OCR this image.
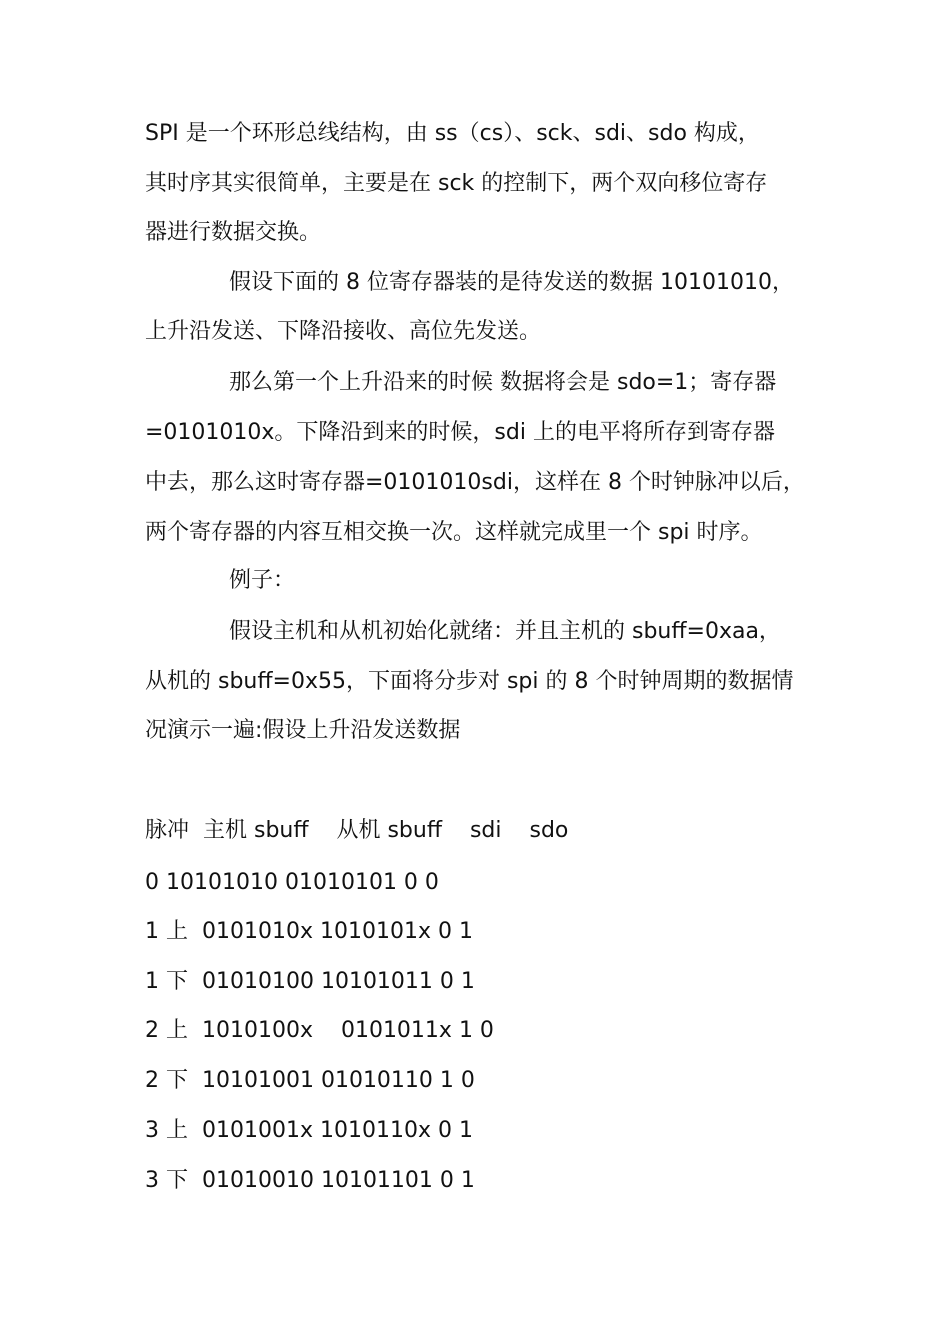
SPI 是一个环形总线结构，由 ss（cs）、sck、sdi、sdo 构成，
其时序其实很简单，主要是在 sck 的控制下，两个双向移位寄存
器进行数据交换。
假设下面的 8 位寄存器装的是待发送的数据 10101010，
上升沿发送、下降沿接收、高位先发送。
那么第一个上升沿来的时候 数据将会是 sdo=1；寄存器
=0101010x。下降沿到来的时候，sdi 上的电平将所存到寄存器
中去，那么这时寄存器=0101010sdi，这样在 8 个时钟脉冲以后，
两个寄存器的内容互相交换一次。这样就完成里一个 spi 时序。
例子：
假设主机和从机初始化就绪：并且主机的 sbuff=0xaa，
从机的 sbuff=0x55，下面将分步对 spi 的 8 个时钟周期的数据情
况演示一遍:假设上升沿发送数据
脉冲  主机 sbuff    从机 sbuff    sdi    sdo
0 10101010 01010101 0 0
1 上  0101010x 1010101x 0 1
1 下  01010100 10101011 0 1
2 上  1010100x    0101011x 1 0
2 下  10101001 01010110 1 0
3 上  0101001x 1010110x 0 1
3 下  01010010 10101101 0 1
